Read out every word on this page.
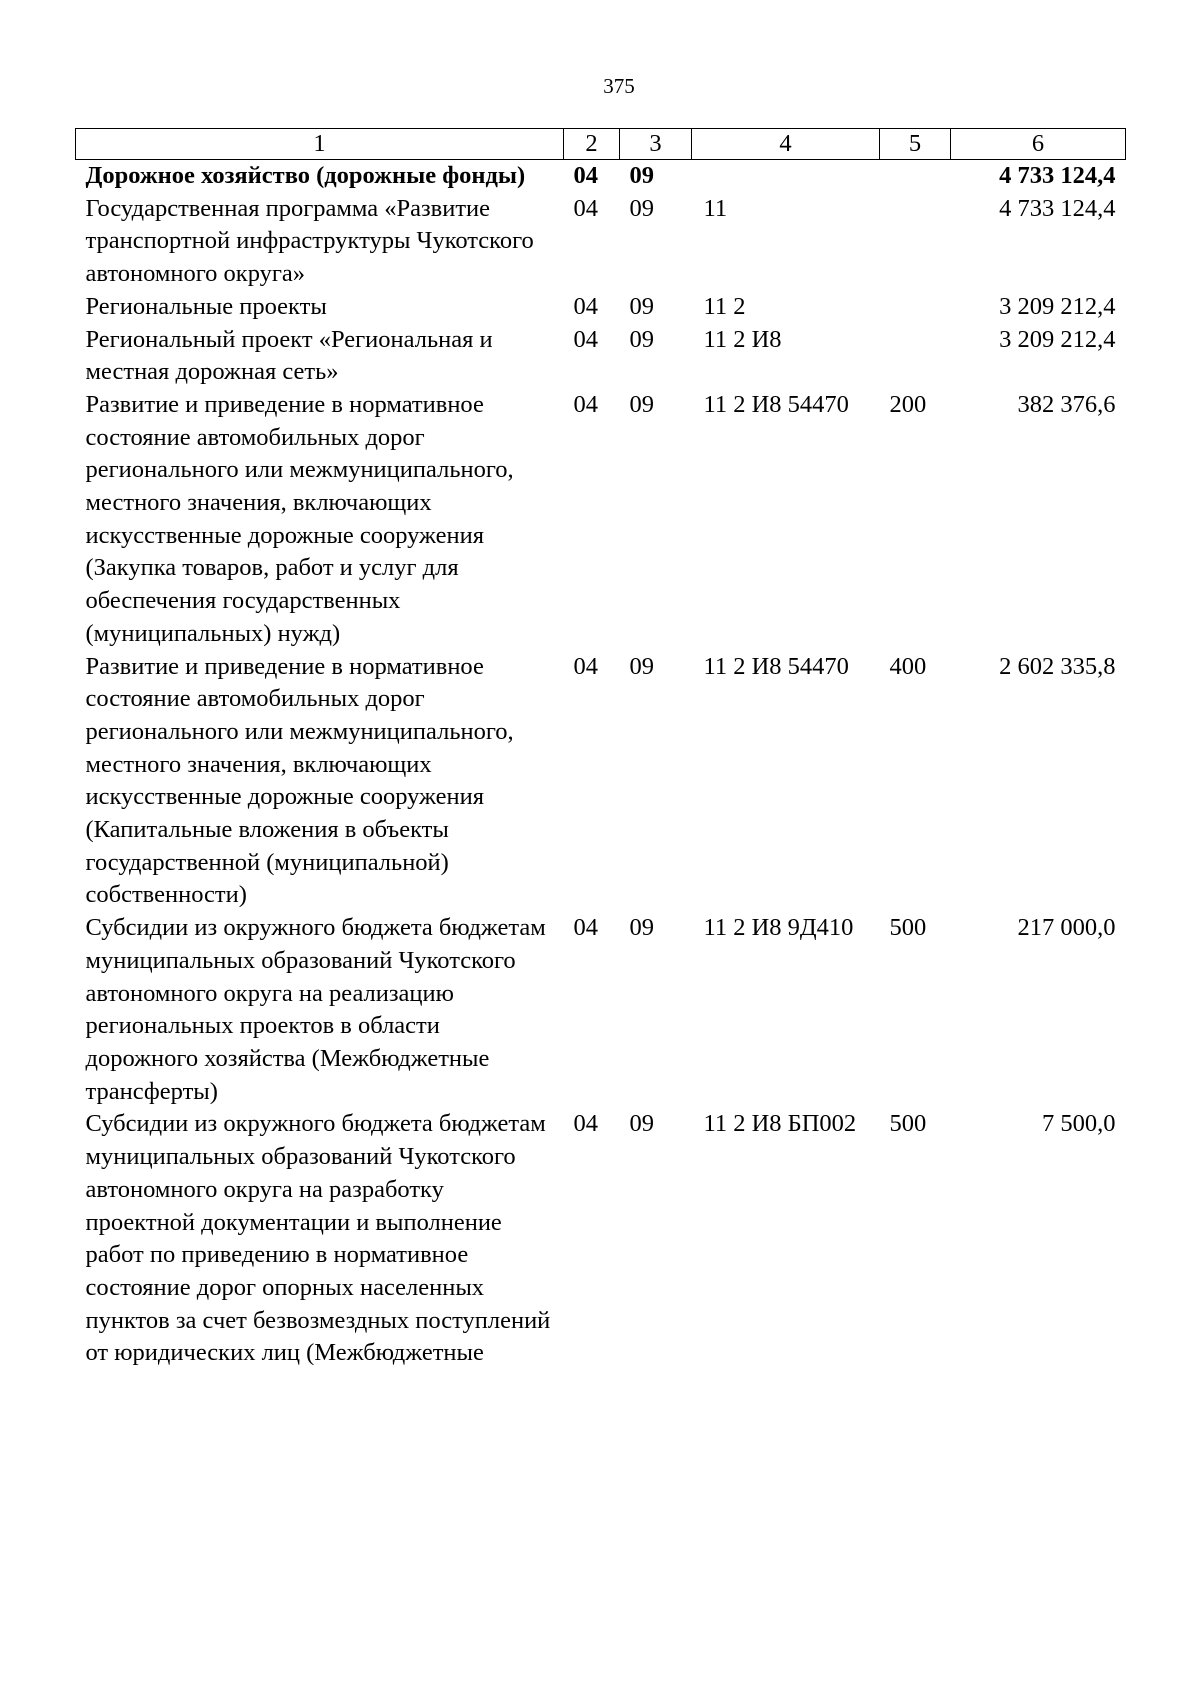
375
1	2	3	4	5	6
Дорожное хозяйство (дорожные фонды)	04	09			4 733 124,4
Государственная программа «Развитие транспортной инфраструктуры Чукотского автономного округа»	04	09	11		4 733 124,4
Региональные проекты	04	09	11 2		3 209 212,4
Региональный проект «Региональная и местная дорожная сеть»	04	09	11 2 И8		3 209 212,4
Развитие и приведение в нормативное состояние автомобильных дорог регионального или межмуниципального, местного значения, включающих искусственные дорожные сооружения (Закупка товаров, работ и услуг для обеспечения государственных (муниципальных) нужд)	04	09	11 2 И8 54470	200	382 376,6
Развитие и приведение в нормативное состояние автомобильных дорог регионального или межмуниципального, местного значения, включающих искусственные дорожные сооружения (Капитальные вложения в объекты государственной (муниципальной) собственности)	04	09	11 2 И8 54470	400	2 602 335,8
Субсидии из окружного бюджета бюджетам муниципальных образований Чукотского автономного округа на реализацию региональных проектов в области дорожного хозяйства (Межбюджетные трансферты)	04	09	11 2 И8 9Д410	500	217 000,0
Субсидии из окружного бюджета бюджетам муниципальных образований Чукотского автономного округа на разработку проектной документации и выполнение работ по приведению в нормативное состояние дорог опорных населенных пунктов за счет безвозмездных поступлений от юридических лиц (Межбюджетные	04	09	11 2 И8 БП002	500	7 500,0
